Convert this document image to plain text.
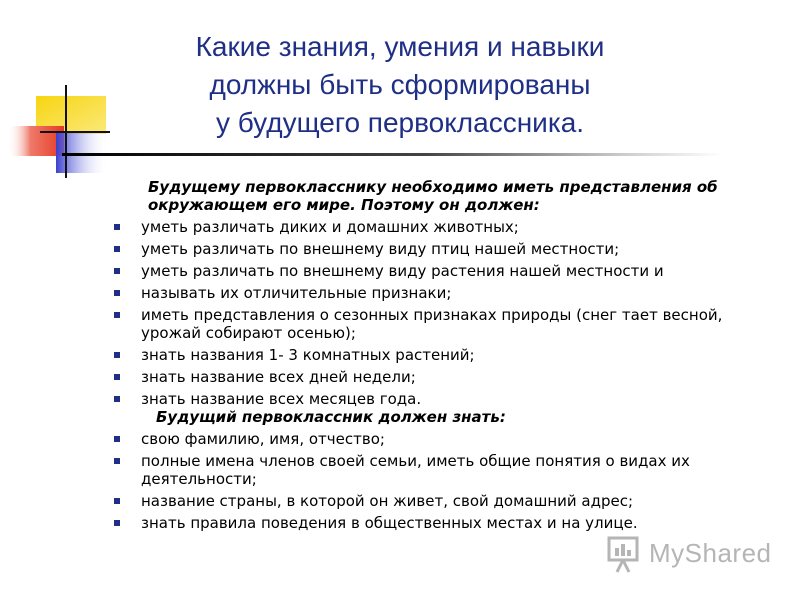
Какие знания, умения и навыки
должны быть сформированы
у будущего первоклассника.

Будущему первокласснику необходимо иметь представления об окружающем его мире. Поэтому он должен:

уметь различать диких и домашних животных;
уметь различать по внешнему виду птиц нашей местности;
уметь различать по внешнему виду растения нашей местности и
называть их отличительные признаки;
иметь представления о сезонных признаках природы (снег тает весной, урожай собирают осенью);
знать названия 1- 3 комнатных растений;
знать название всех дней недели;
знать название всех месяцев года.

Будущий первоклассник должен знать:

свою фамилию, имя, отчество;
полные имена членов своей семьи, иметь общие понятия о видах их деятельности;
название страны, в которой он живет, свой домашний адрес;
знать правила поведения в общественных местах и на улице.
MyShared
